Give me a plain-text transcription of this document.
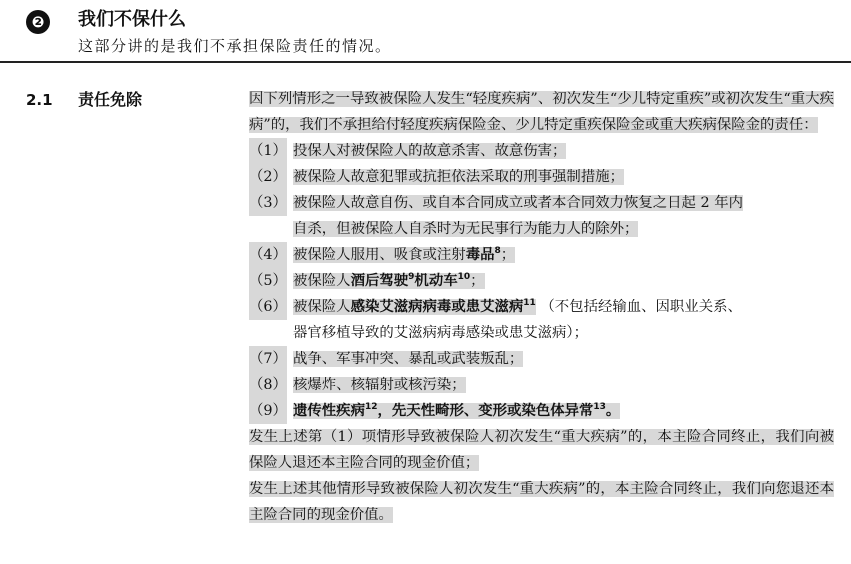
❷	我们不保什么
这部分讲的是我们不承担保险责任的情况。
2.1 责任免除	因下列情形之一导致被保险人发生“轻度疾病”、初次发生“少儿特定重疾”或初次发生“重大疾病”的，我们不承担给付轻度疾病保险金、少儿特定重疾保险金或重大疾病保险金的责任：

（1） 投保人对被保险人的故意杀害、故意伤害；

（2） 被保险人故意犯罪或抗拒依法采取的刑事强制措施；

（3） 被保险人故意自伤、或自本合同成立或者本合同效力恢复之日起 2 年内
自杀，但被保险人自杀时为无民事行为能力人的除外；

（4） 被保险人服用、吸食或注射毒品$^8$；

（5） 被保险人酒后驾驶$^9$机动车$^{10}$；

（6） 被保险人感染艾滋病病毒或患艾滋病$^{11}$ （不包括经输血、因职业关系、
器官移植导致的艾滋病病毒感染或患艾滋病）；

（7） 战争、军事冲突、暴乱或武装叛乱；

（8） 核爆炸、核辐射或核污染；

（9） 遗传性疾病$^{12}$，先天性畸形、变形或染色体异常$^{13}$。

发生上述第（1）项情形导致被保险人初次发生“重大疾病”的，本主险合同终止，我们向被保险人退还本主险合同的现金价值；

发生上述其他情形导致被保险人初次发生“重大疾病”的，本主险合同终止，我们向您退还本主险合同的现金价值。
